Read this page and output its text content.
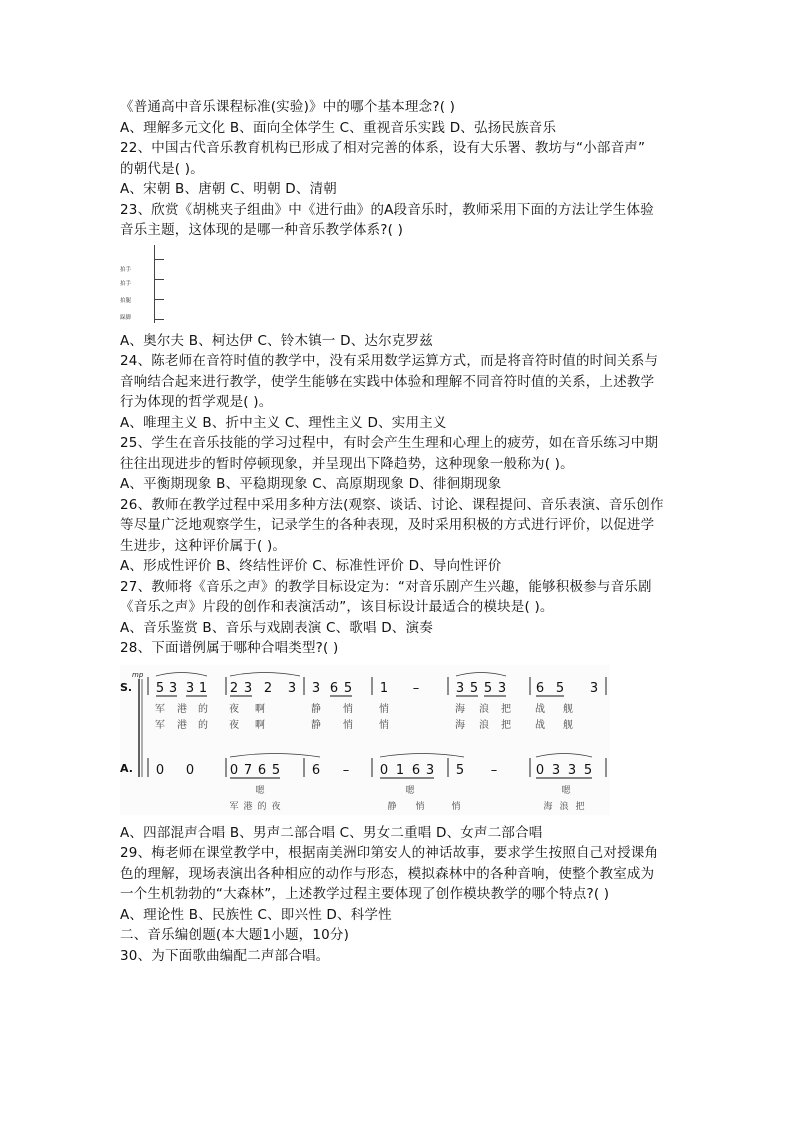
《普通高中音乐课程标准(实验)》中的哪个基本理念?( )
A、理解多元文化 B、面向全体学生 C、重视音乐实践 D、弘扬民族音乐
22、中国古代音乐教育机构已形成了相对完善的体系，设有大乐署、教坊与“小部音声”
的朝代是( )。
A、宋朝 B、唐朝 C、明朝 D、清朝
23、欣赏《胡桃夹子组曲》中《进行曲》的A段音乐时，教师采用下面的方法让学生体验
音乐主题，这体现的是哪一种音乐教学体系?( )
拍手
拍手
拍腿
跺脚
A、奥尔夫 B、柯达伊 C、铃木镇一 D、达尔克罗兹
24、陈老师在音符时值的教学中，没有采用数学运算方式，而是将音符时值的时间关系与
音响结合起来进行教学，使学生能够在实践中体验和理解不同音符时值的关系，上述教学
行为体现的哲学观是( )。
A、唯理主义 B、折中主义 C、理性主义 D、实用主义
25、学生在音乐技能的学习过程中，有时会产生生理和心理上的疲劳，如在音乐练习中期
往往出现进步的暂时停顿现象，并呈现出下降趋势，这种现象一般称为( )。
A、平衡期现象 B、平稳期现象 C、高原期现象 D、徘徊期现象
26、教师在教学过程中采用多种方法(观察、谈话、讨论、课程提问、音乐表演、音乐创作
等尽量广泛地观察学生，记录学生的各种表现，及时采用积极的方式进行评价，以促进学
生进步，这种评价属于( )。
A、形成性评价 B、终结性评价 C、标准性评价 D、导向性评价
27、教师将《音乐之声》的教学目标设定为：“对音乐剧产生兴趣，能够积极参与音乐剧
《音乐之声》片段的创作和表演活动”，该目标设计最适合的模块是( )。
A、音乐鉴赏 B、音乐与戏剧表演 C、歌唱 D、演奏
28、下面谱例属于哪种合唱类型?( )
mp
S.
A.
5 3 3 1 2 3 2 3 3 6 5 1 –	3 5 5 3 6 5 3
军 港 的 夜 啊	静 悄	悄	海 浪 把 战 舰
军 港 的 夜 啊	静 悄	悄	海 浪 把 战 舰
0 0	0 7 6 5 6 – 0 1 6 3 5 –	0 3 3 5
嗯	嗯	嗯
军 港 的 夜	静 悄	悄	海 浪 把
A、四部混声合唱 B、男声二部合唱 C、男女二重唱 D、女声二部合唱
29、梅老师在课堂教学中，根据南美洲印第安人的神话故事，要求学生按照自己对授课角
色的理解，现场表演出各种相应的动作与形态，模拟森林中的各种音响，使整个教室成为
一个生机勃勃的“大森林”，上述教学过程主要体现了创作模块教学的哪个特点?( )
A、理论性 B、民族性 C、即兴性 D、科学性
二、音乐编创题(本大题1小题，10分)
30、为下面歌曲编配二声部合唱。
